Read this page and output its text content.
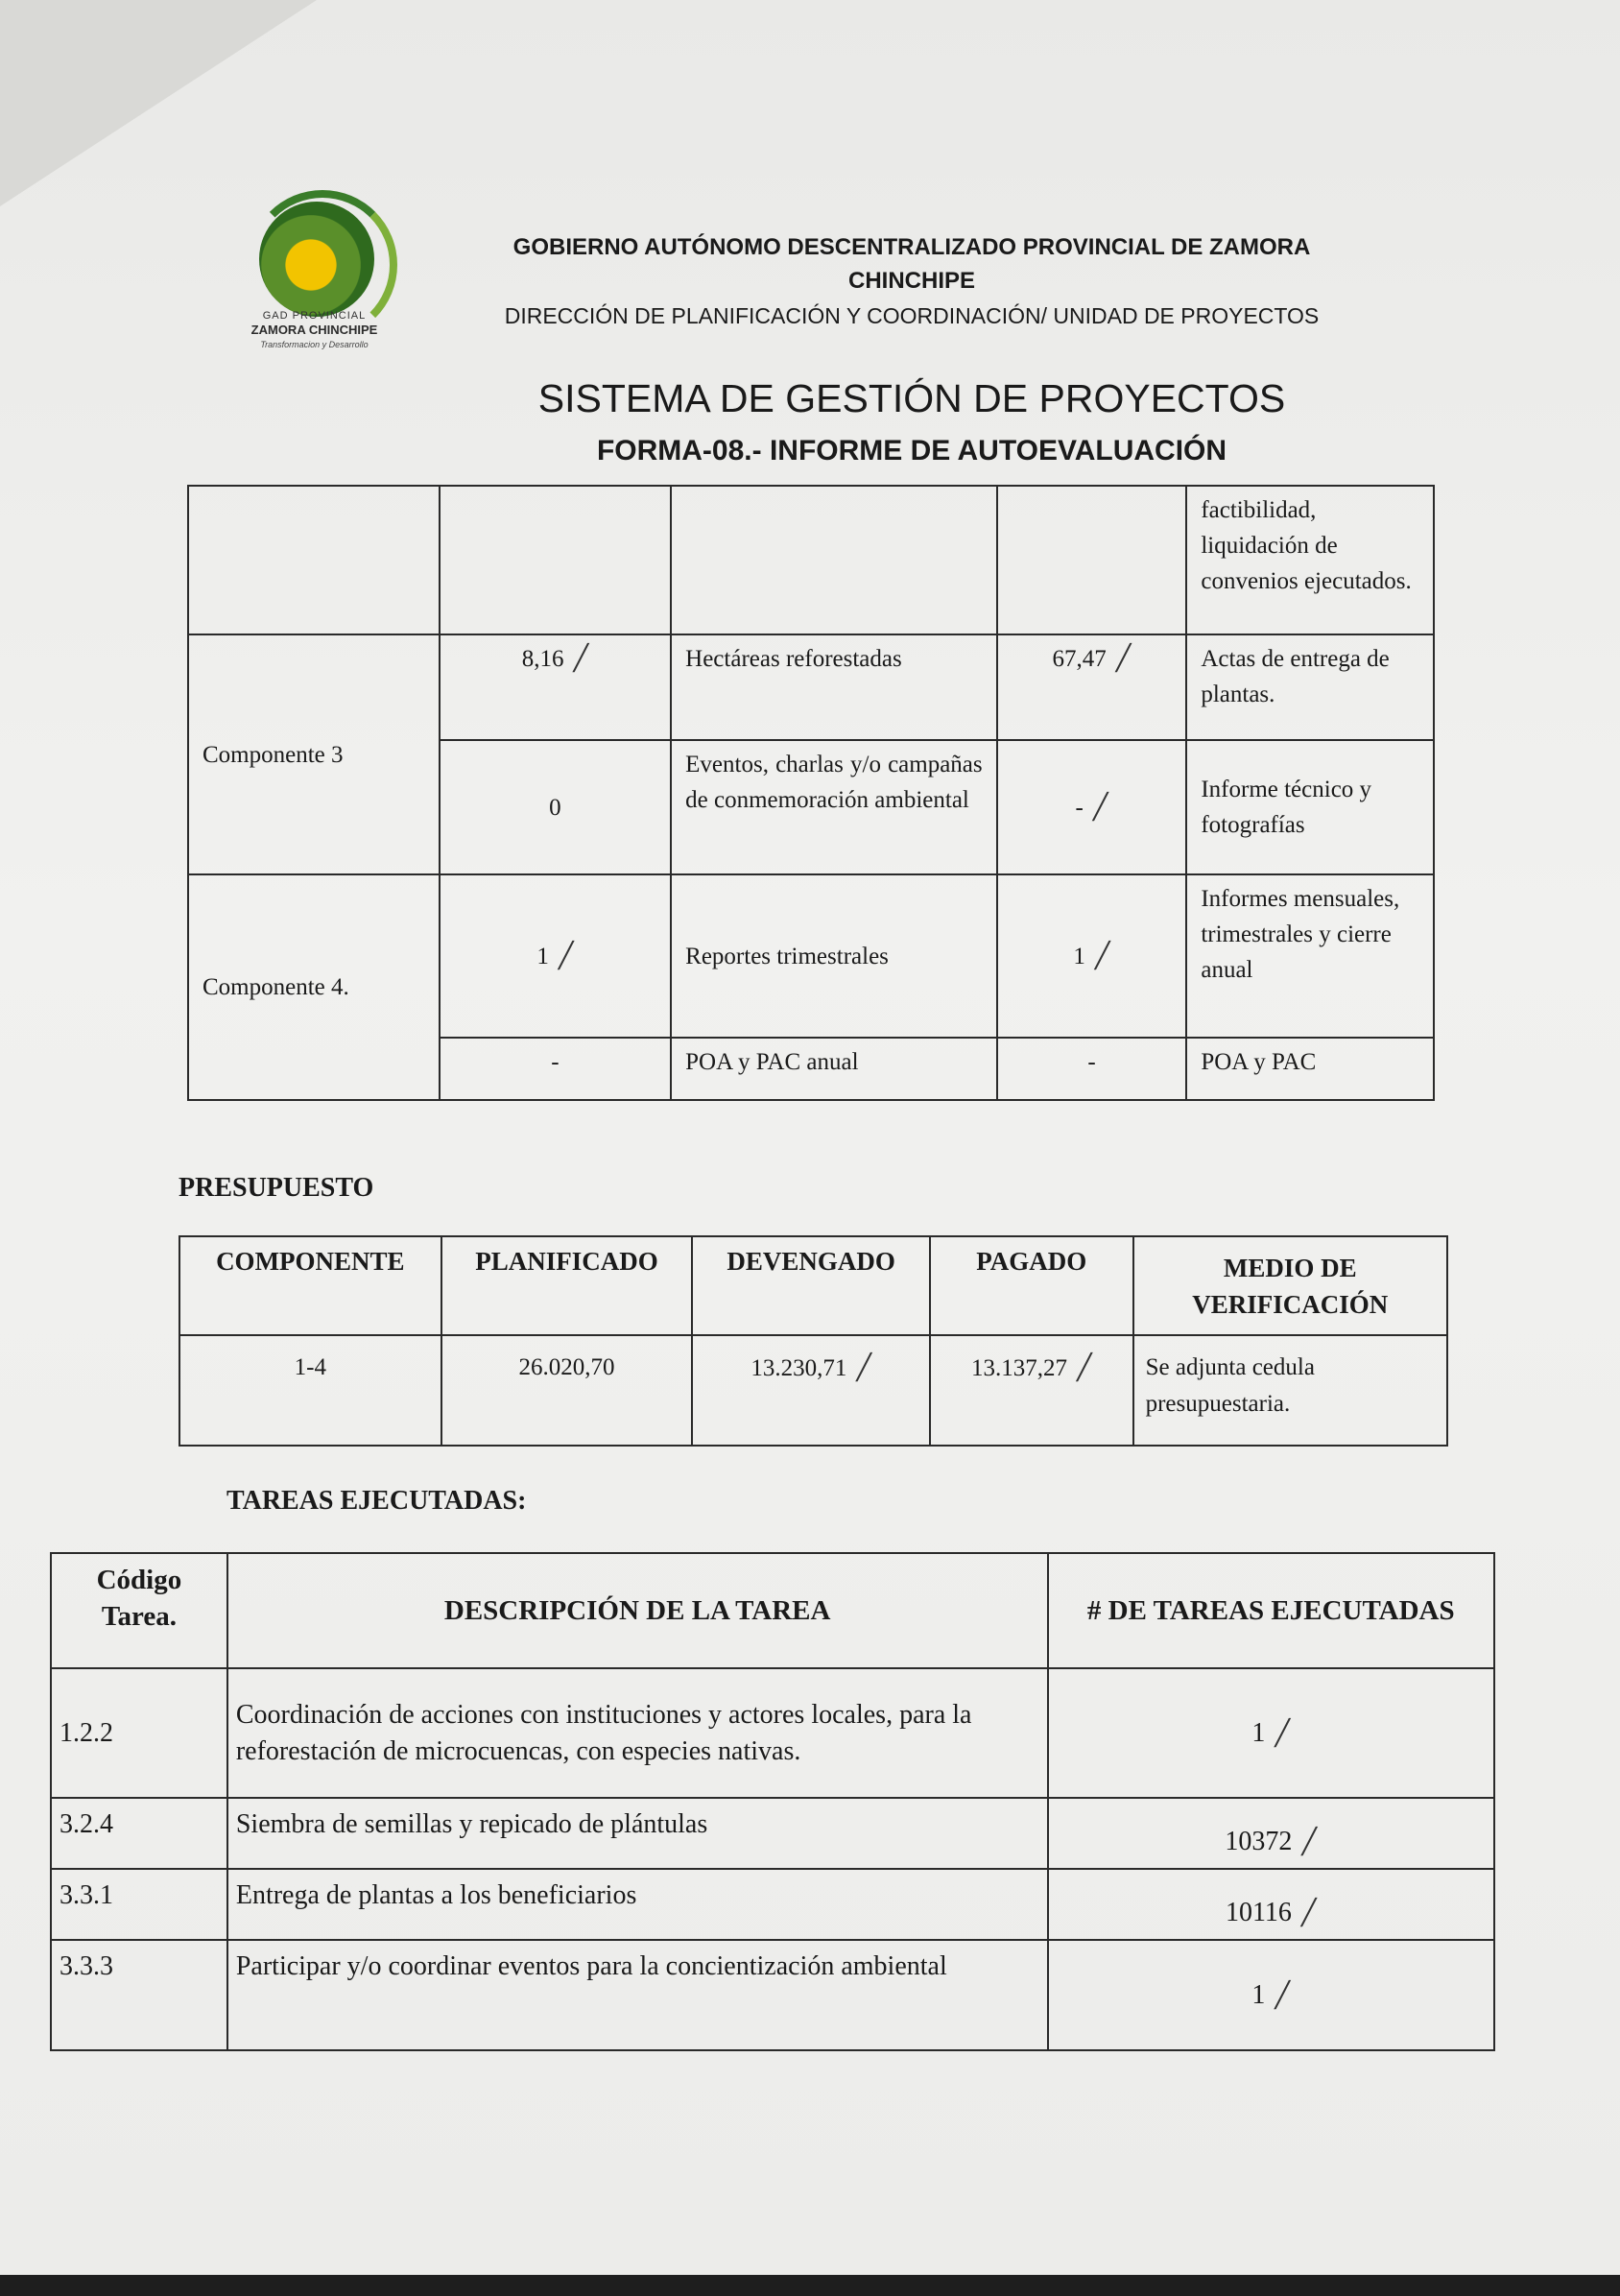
GAD PROVINCIAL
ZAMORA CHINCHIPE
Transformacion y Desarrollo
GOBIERNO AUTÓNOMO DESCENTRALIZADO PROVINCIAL DE ZAMORA CHINCHIPE
DIRECCIÓN DE PLANIFICACIÓN Y COORDINACIÓN/ UNIDAD DE PROYECTOS
SISTEMA DE GESTIÓN DE PROYECTOS
FORMA-08.- INFORME DE AUTOEVALUACIÓN
				factibilidad, liquidación de convenios ejecutados.
Componente 3	8,16 ╱	Hectáreas reforestadas	67,47 ╱	Actas de entrega de plantas.
	0	Eventos, charlas y/o campañas de conmemoración ambiental	- ╱	Informe técnico y fotografías
Componente 4.	1 ╱	Reportes trimestrales	1 ╱	Informes mensuales, trimestrales y cierre anual
	-	POA y PAC anual	-	POA y PAC
PRESUPUESTO
COMPONENTE	PLANIFICADO	DEVENGADO	PAGADO	MEDIO DE VERIFICACIÓN
1-4	26.020,70	13.230,71 ╱	13.137,27 ╱	Se adjunta cedula presupuestaria.
TAREAS EJECUTADAS:
Código Tarea.	DESCRIPCIÓN DE LA TAREA	# DE TAREAS EJECUTADAS
1.2.2	Coordinación de acciones con instituciones y actores locales, para la reforestación de microcuencas, con especies nativas.	1 ╱
3.2.4	Siembra de semillas y repicado de plántulas	10372 ╱
3.3.1	Entrega de plantas a los beneficiarios	10116 ╱
3.3.3	Participar y/o coordinar eventos para la concientización ambiental	1 ╱
